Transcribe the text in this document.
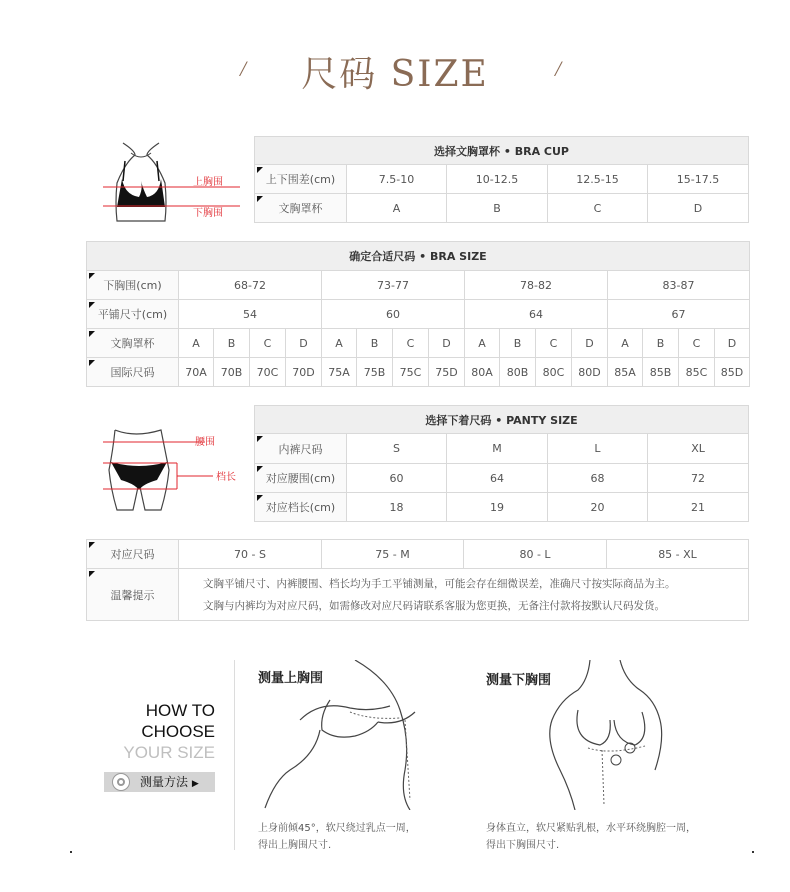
/	尺码 SIZE	/
上胸围
下胸围
选择文胸罩杯 • BRA CUP				
上下围差(cm)	7.5-10	10-12.5	12.5-15	15-17.5
文胸罩杯	A	B	C	D
确定合适尺码 • BRA SIZE																
下胸围(cm)	68-72				73-77				78-82				83-87			
平铺尺寸(cm)	54				60				64				67			
文胸罩杯	A	B	C	D	A	B	C	D	A	B	C	D	A	B	C	D
国际尺码	70A	70B	70C	70D	75A	75B	75C	75D	80A	80B	80C	80D	85A	85B	85C	85D
腰围
档长
选择下着尺码 • PANTY SIZE				
内裤尺码	S	M	L	XL
对应腰围(cm)	60	64	68	72
对应档长(cm)	18	19	20	21
对应尺码	70 - S	75 - M	80 - L	85 - XL
温馨提示	文胸平铺尺寸、内裤腰围、档长均为手工平铺测量，可能会存在细微误差，准确尺寸按实际商品为主。
文胸与内裤均为对应尺码，如需修改对应尺码请联系客服为您更换，无备注付款将按默认尺码发货。			
HOW TO
CHOOSE
YOUR SIZE
测量方法 ▶
测量上胸围
上身前倾45°，软尺绕过乳点一周，
得出上胸围尺寸.
测量下胸围
身体直立，软尺紧贴乳根，水平环绕胸腔一周，
得出下胸围尺寸.
